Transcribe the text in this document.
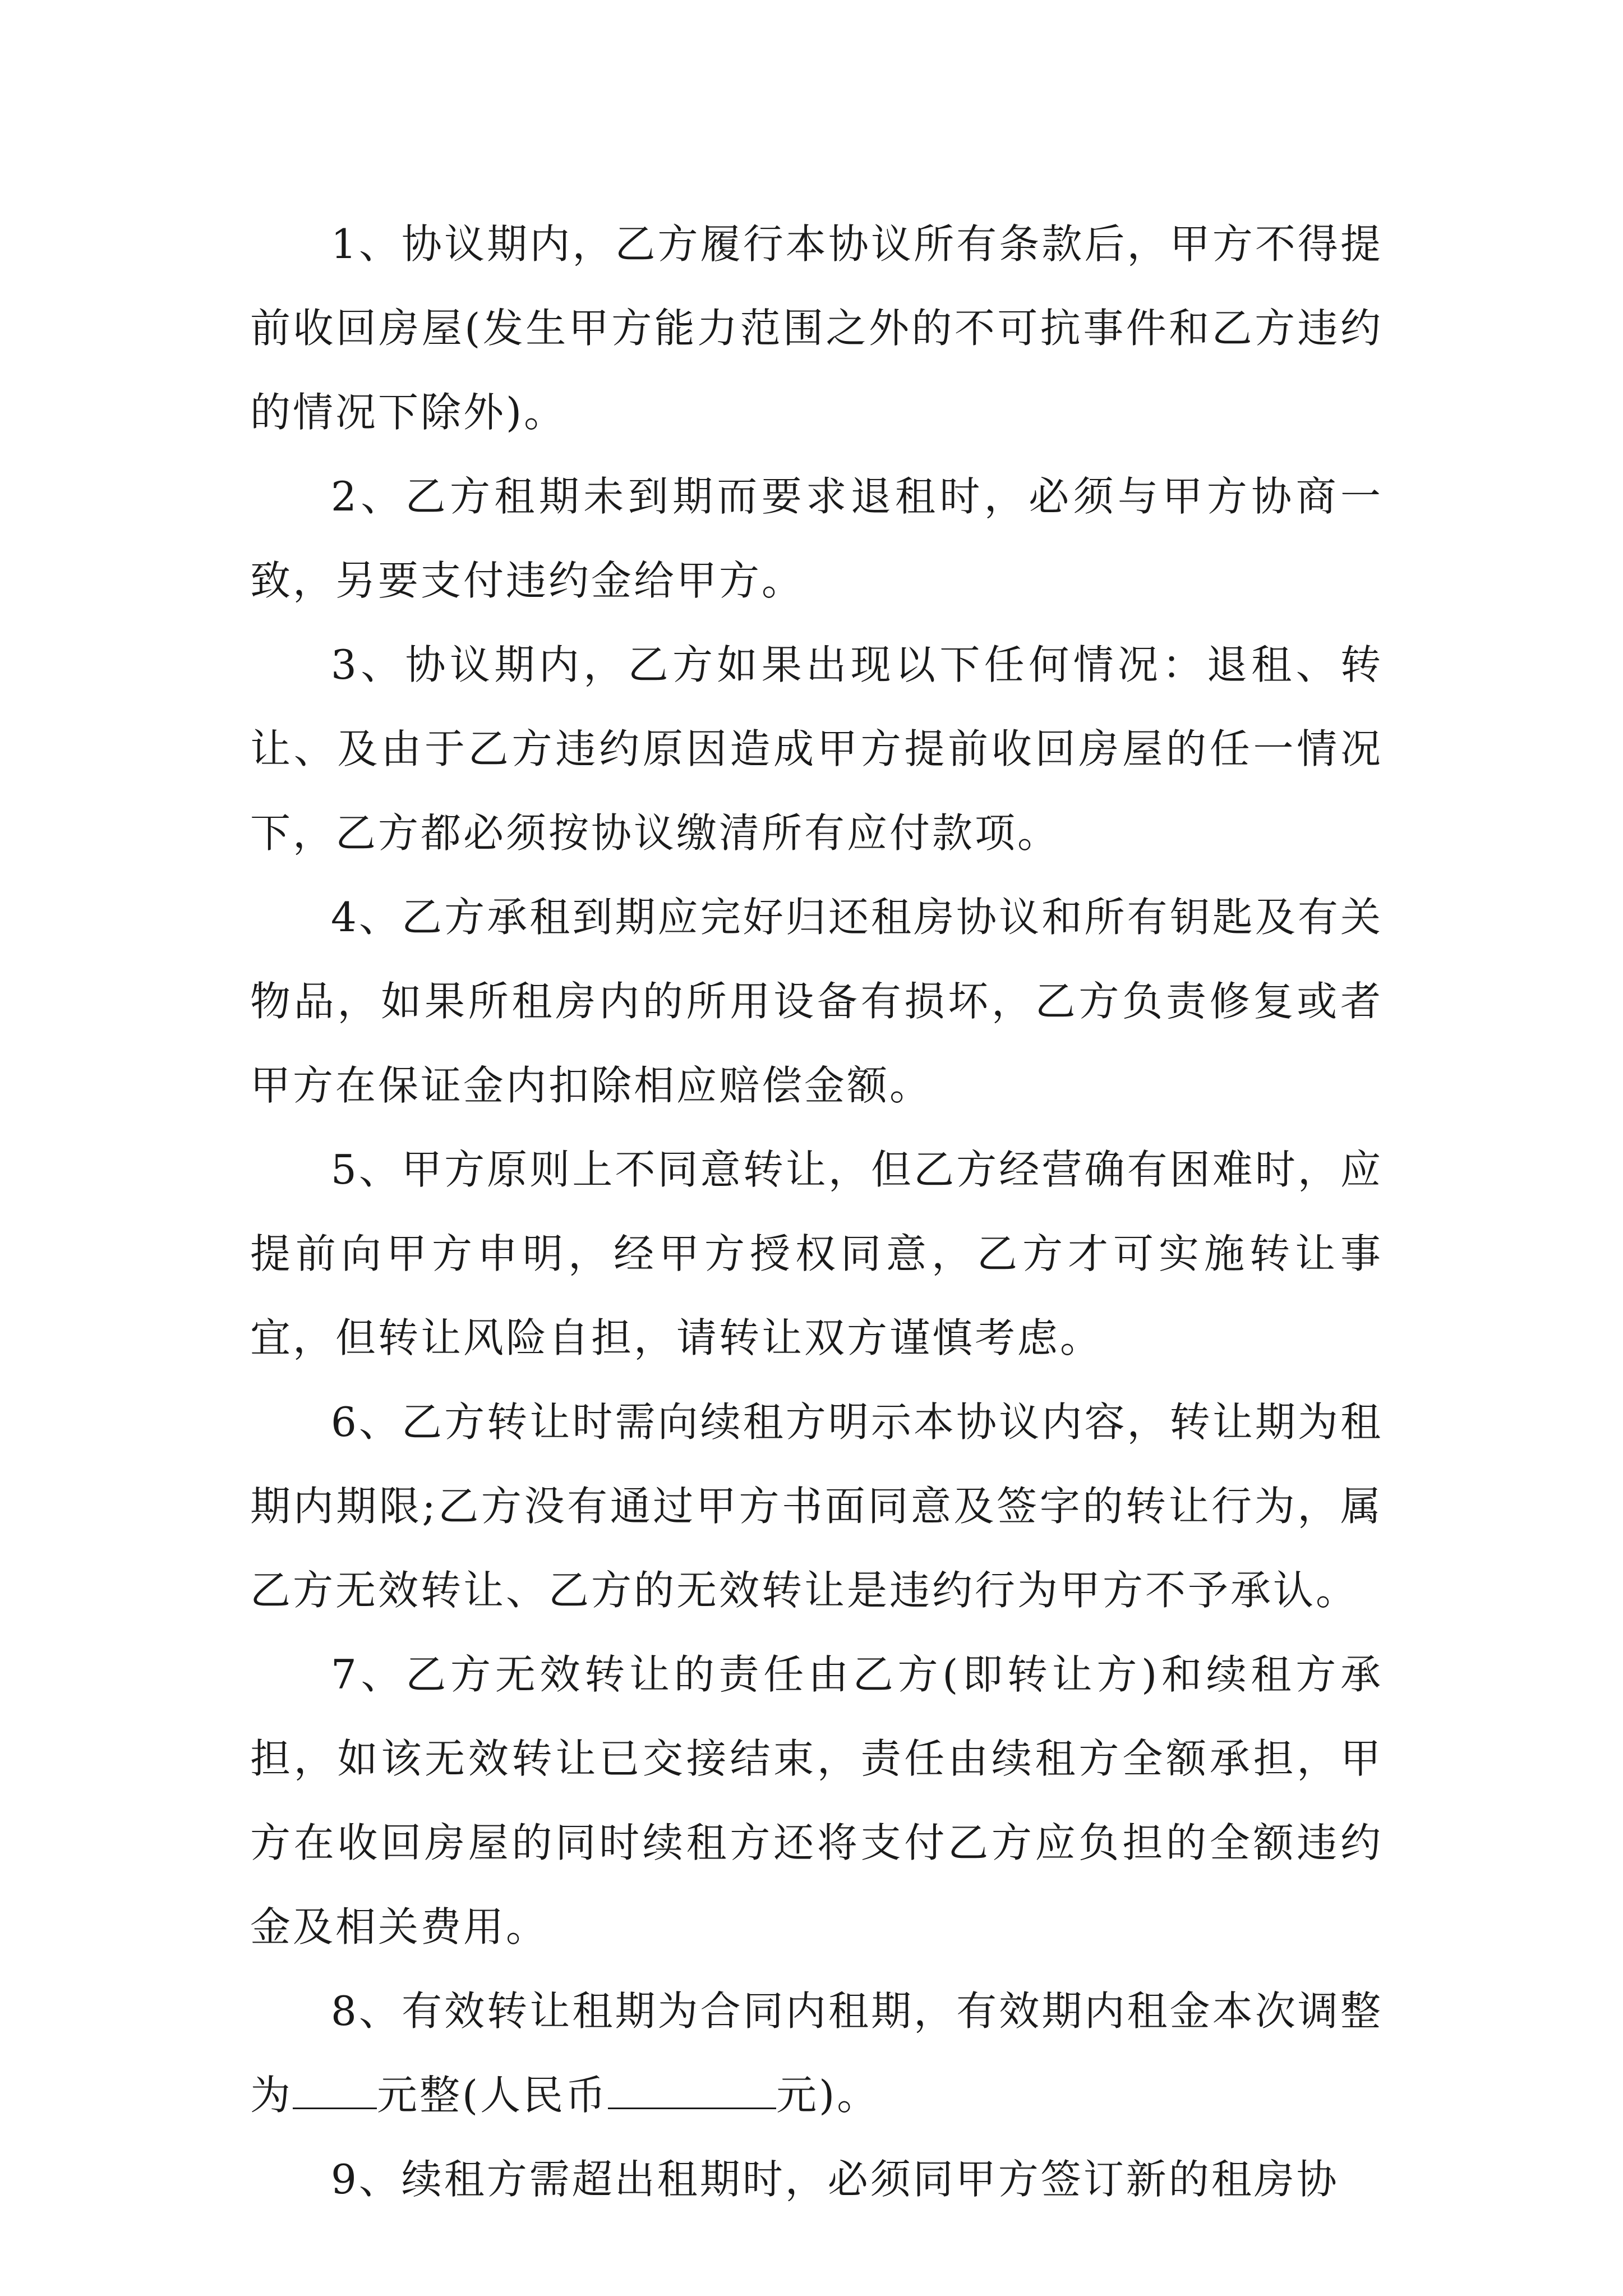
1、协议期内，乙方履行本协议所有条款后，甲方不得提前收回房屋(发生甲方能力范围之外的不可抗事件和乙方违约的情况下除外)。

2、乙方租期未到期而要求退租时，必须与甲方协商一致，另要支付违约金给甲方。

3、协议期内，乙方如果出现以下任何情况：退租、转让、及由于乙方违约原因造成甲方提前收回房屋的任一情况下，乙方都必须按协议缴清所有应付款项。

4、乙方承租到期应完好归还租房协议和所有钥匙及有关物品，如果所租房内的所用设备有损坏，乙方负责修复或者甲方在保证金内扣除相应赔偿金额。

5、甲方原则上不同意转让，但乙方经营确有困难时，应提前向甲方申明，经甲方授权同意，乙方才可实施转让事宜，但转让风险自担，请转让双方谨慎考虑。

6、乙方转让时需向续租方明示本协议内容，转让期为租期内期限;乙方没有通过甲方书面同意及签字的转让行为，属乙方无效转让、乙方的无效转让是违约行为甲方不予承认。

7、乙方无效转让的责任由乙方(即转让方)和续租方承担，如该无效转让已交接结束，责任由续租方全额承担，甲方在收回房屋的同时续租方还将支付乙方应负担的全额违约金及相关费用。

8、有效转让租期为合同内租期，有效期内租金本次调整为 元整(人民币	元)。

9、续租方需超出租期时，必须同甲方签订新的租房协
